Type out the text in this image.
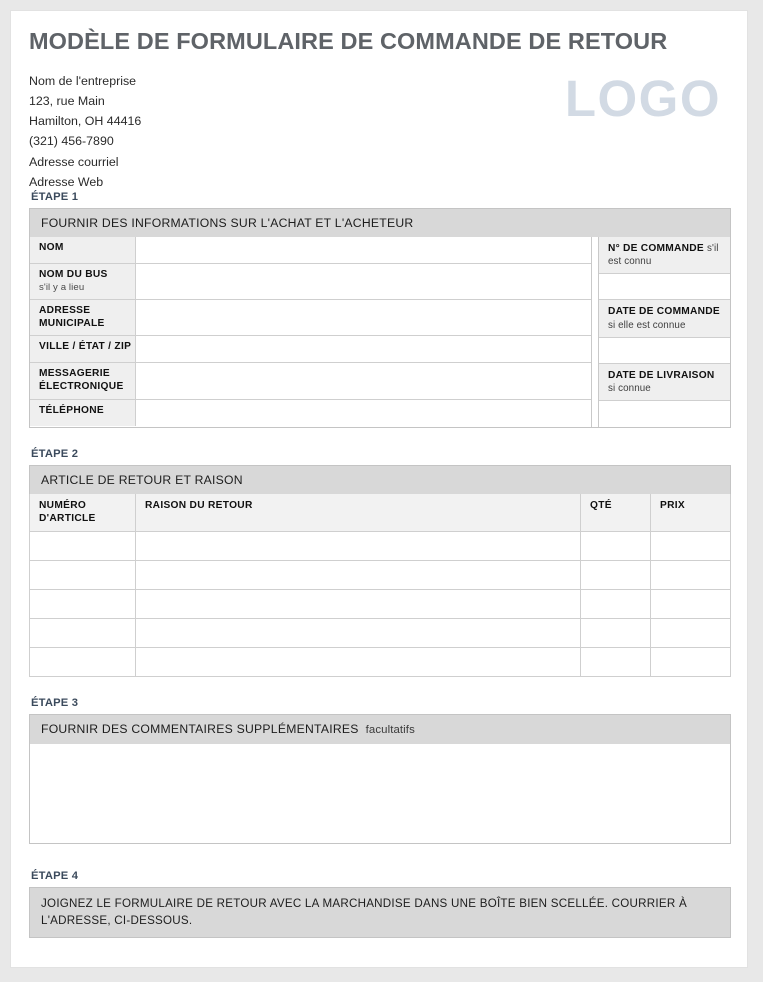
MODÈLE DE FORMULAIRE DE COMMANDE DE RETOUR
Nom de l'entreprise
123, rue Main
Hamilton, OH 44416
(321) 456-7890
Adresse courriel
Adresse Web
LOGO
ÉTAPE 1
FOURNIR DES INFORMATIONS SUR L'ACHAT ET L'ACHETEUR
NOM
NOM DU BUS
s'il y a lieu
ADRESSE MUNICIPALE
VILLE / ÉTAT / ZIP
MESSAGERIE ÉLECTRONIQUE
TÉLÉPHONE
N° DE COMMANDE s'il est connu
DATE DE COMMANDE si elle est connue
DATE DE LIVRAISON si connue
ÉTAPE 2
ARTICLE DE RETOUR ET RAISON
NUMÉRO D'ARTICLE	RAISON DU RETOUR	QTÉ	PRIX

ÉTAPE 3
FOURNIR DES COMMENTAIRES SUPPLÉMENTAIRES facultatifs
ÉTAPE 4
JOIGNEZ LE FORMULAIRE DE RETOUR AVEC LA MARCHANDISE DANS UNE BOÎTE BIEN SCELLÉE. COURRIER À L'ADRESSE, CI-DESSOUS.
